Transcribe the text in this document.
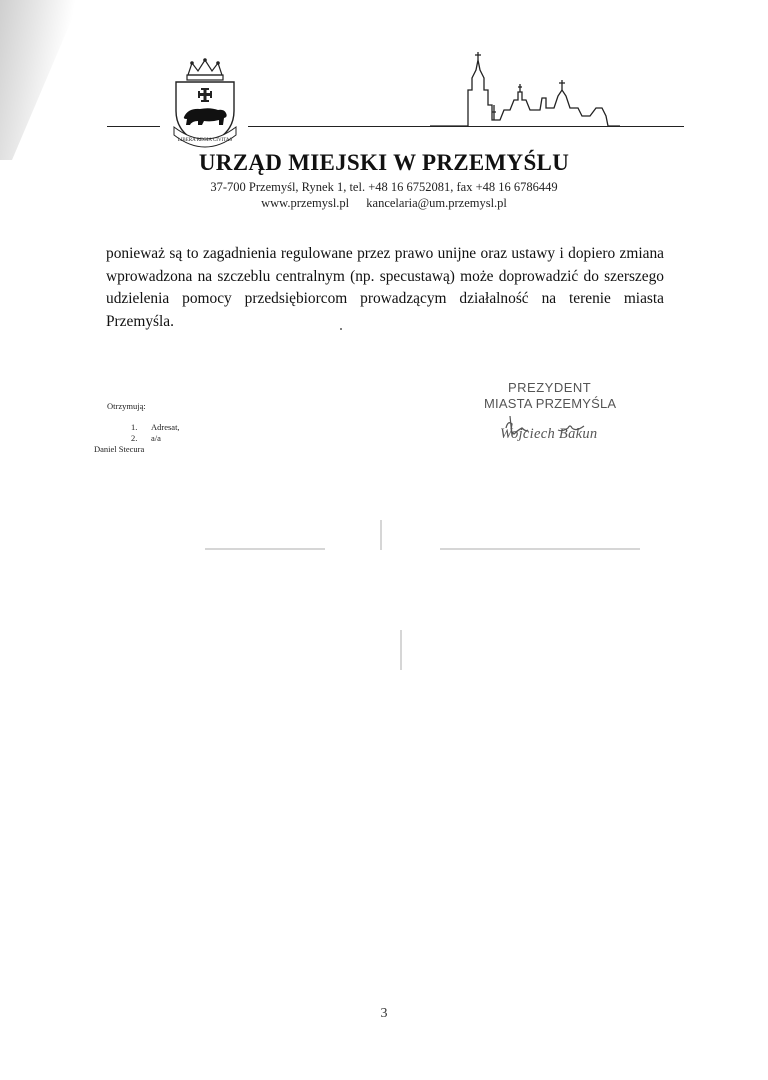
LIBERA REGIA CIVITAS
URZĄD MIEJSKI W PRZEMYŚLU
37-700 Przemyśl, Rynek 1, tel. +48 16 6752081, fax +48 16 6786449
www.przemysl.pl kancelaria@um.przemysl.pl
ponieważ są to zagadnienia regulowane przez prawo unijne oraz ustawy i dopiero zmiana
wprowadzona na szczeblu centralnym (np. specustawą) może doprowadzić do szerszego
udzielenia pomocy przedsiębiorcom prowadzącym działalność na terenie miasta Przemyśla.
Otrzymują:
1. Adresat,
2. a/a
Daniel Stecura
PREZYDENT
MIASTA PRZEMYŚLA
Wojciech Bakun
3
